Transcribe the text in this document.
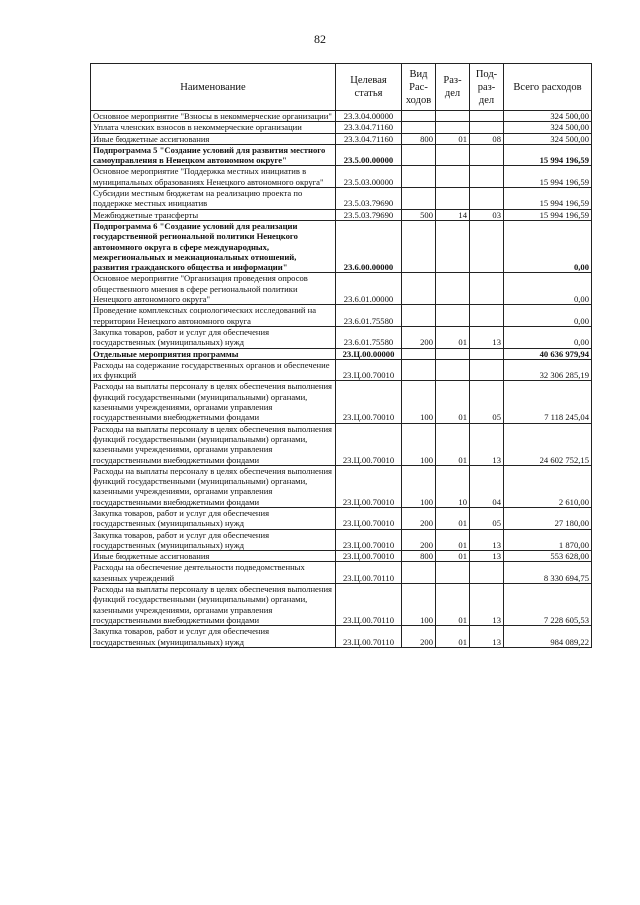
82
Наименование	Целевая статья	Вид Рас-ходов	Раз-дел	Под-раз-дел	Всего расходов
Основное мероприятие "Взносы в некоммерческие организации"	23.3.04.00000				324 500,00
Уплата членских взносов в некоммерческие организации	23.3.04.71160				324 500,00
Иные бюджетные ассигнования	23.3.04.71160	800	01	08	324 500,00
Подпрограмма 5 "Создание условий для развития местного самоуправления в Ненецком автономном округе"	23.5.00.00000				15 994 196,59
Основное мероприятие "Поддержка местных инициатив в муниципальных образованиях Ненецкого автономного округа"	23.5.03.00000				15 994 196,59
Субсидии местным бюджетам на реализацию проекта по поддержке местных инициатив	23.5.03.79690				15 994 196,59
Межбюджетные трансферты	23.5.03.79690	500	14	03	15 994 196,59
Подпрограмма 6 "Создание условий для реализации государственной региональной политики Ненецкого автономного округа в сфере международных, межрегиональных и межнациональных отношений, развития гражданского общества и информации"	23.6.00.00000				0,00
Основное мероприятие "Организация проведения опросов общественного мнения в сфере региональной политики Ненецкого автономного округа"	23.6.01.00000				0,00
Проведение комплексных социологических исследований на территории Ненецкого автономного округа	23.6.01.75580				0,00
Закупка товаров, работ и услуг для обеспечения государственных (муниципальных) нужд	23.6.01.75580	200	01	13	0,00
Отдельные мероприятия программы	23.Ц.00.00000				40 636 979,94
Расходы на содержание государственных органов и обеспечение их функций	23.Ц.00.70010				32 306 285,19
Расходы на выплаты персоналу в целях обеспечения выполнения функций государственными (муниципальными) органами, казенными учреждениями, органами управления государственными внебюджетными фондами	23.Ц.00.70010	100	01	05	7 118 245,04
Расходы на выплаты персоналу в целях обеспечения выполнения функций государственными (муниципальными) органами, казенными учреждениями, органами управления государственными внебюджетными фондами	23.Ц.00.70010	100	01	13	24 602 752,15
Расходы на выплаты персоналу в целях обеспечения выполнения функций государственными (муниципальными) органами, казенными учреждениями, органами управления государственными внебюджетными фондами	23.Ц.00.70010	100	10	04	2 610,00
Закупка товаров, работ и услуг для обеспечения государственных (муниципальных) нужд	23.Ц.00.70010	200	01	05	27 180,00
Закупка товаров, работ и услуг для обеспечения государственных (муниципальных) нужд	23.Ц.00.70010	200	01	13	1 870,00
Иные бюджетные ассигнования	23.Ц.00.70010	800	01	13	553 628,00
Расходы на обеспечение деятельности подведомственных казенных учреждений	23.Ц.00.70110				8 330 694,75
Расходы на выплаты персоналу в целях обеспечения выполнения функций государственными (муниципальными) органами, казенными учреждениями, органами управления государственными внебюджетными фондами	23.Ц.00.70110	100	01	13	7 228 605,53
Закупка товаров, работ и услуг для обеспечения государственных (муниципальных) нужд	23.Ц.00.70110	200	01	13	984 089,22
